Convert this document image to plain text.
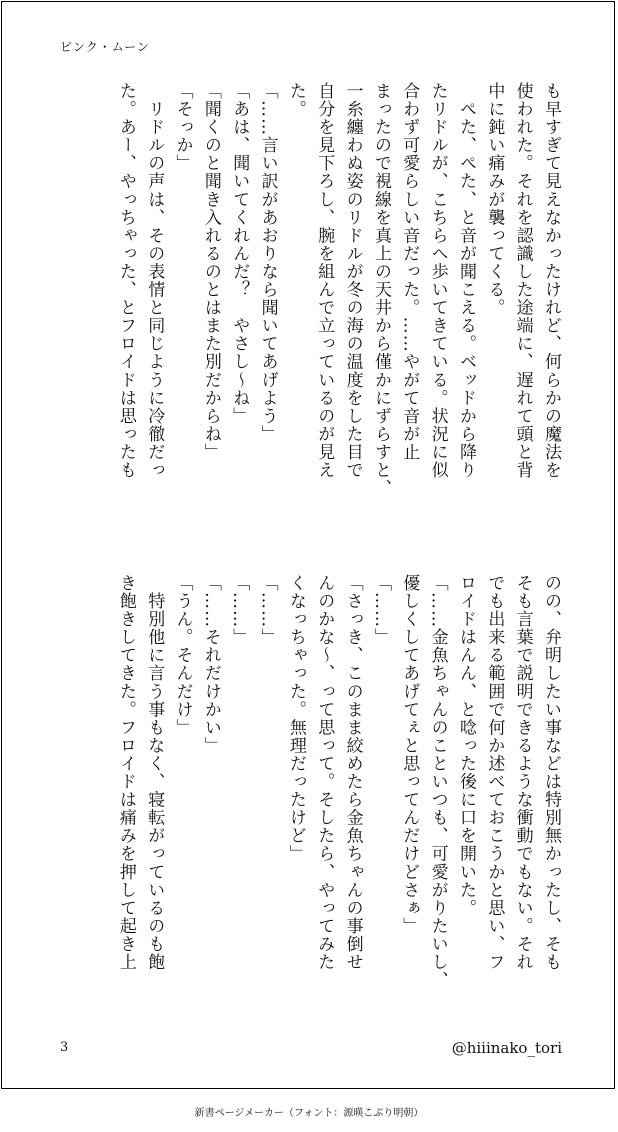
ピンク・ムーン
も早すぎて見えなかったけれど、何らかの魔法を
使われた。それを認識した途端に、遅れて頭と背
中に鈍い痛みが襲ってくる。
　ぺた、ぺた、と音が聞こえる。ベッドから降り
たリドルが、こちらへ歩いてきている。状況に似
合わず可愛らしい音だった。……やがて音が止
まったので視線を真上の天井から僅かにずらすと、
一糸纏わぬ姿のリドルが冬の海の温度をした目で
自分を見下ろし、腕を組んで立っているのが見え
た。
「……言い訳があおりなら聞いてあげよう」
「あは、聞いてくれんだ？　やさし～ね」
「聞くのと聞き入れるのとはまた別だからね」
「そっか」
　リドルの声は、その表情と同じように冷徹だっ
た。あー、やっちゃった、とフロイドは思ったも
のの、弁明したい事などは特別無かったし、そも
そも言葉で説明できるような衝動でもない。それ
でも出来る範囲で何か述べておこうかと思い、フ
ロイドはんん、と唸った後に口を開いた。
「……金魚ちゃんのこといつも、可愛がりたいし、
優しくしてあげてぇと思ってんだけどさぁ」
「……」
「さっき、このまま絞めたら金魚ちゃんの事倒せ
んのかな～、って思って。そしたら、やってみた
くなっちゃった。無理だったけど」
「……」
「……」
「……それだけかい」
「うん。そんだけ」
　特別他に言う事もなく、寝転がっているのも飽
き飽きしてきた。フロイドは痛みを押して起き上
3	@hiiinako_tori
新書ページメーカー（フォント：源暎こぶり明朝）
